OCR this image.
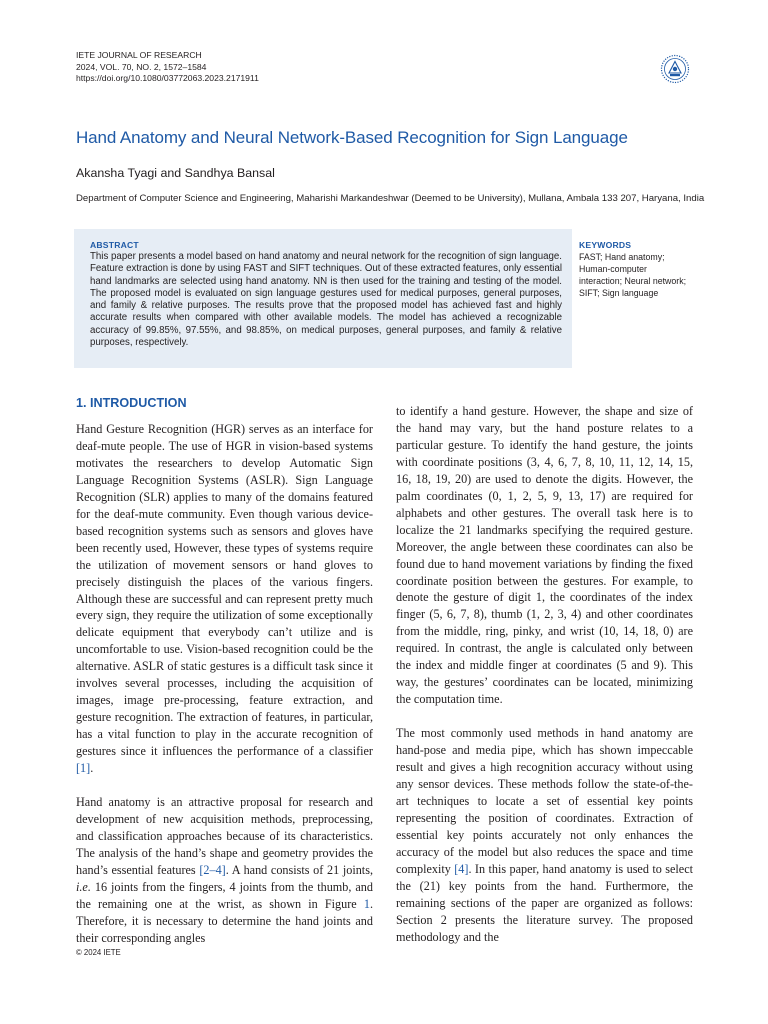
IETE JOURNAL OF RESEARCH
2024, VOL. 70, NO. 2, 1572–1584
https://doi.org/10.1080/03772063.2023.2171911
Hand Anatomy and Neural Network-Based Recognition for Sign Language
Akansha Tyagi and Sandhya Bansal
Department of Computer Science and Engineering, Maharishi Markandeshwar (Deemed to be University), Mullana, Ambala 133 207, Haryana, India
ABSTRACT
This paper presents a model based on hand anatomy and neural network for the recognition of sign language. Feature extraction is done by using FAST and SIFT techniques. Out of these extracted features, only essential hand landmarks are selected using hand anatomy. NN is then used for the training and testing of the model. The proposed model is evaluated on sign language gestures used for medical purposes, general purposes, and family & relative purposes. The results prove that the proposed model has achieved fast and highly accurate results when compared with other available models. The model has achieved a recognizable accuracy of 99.85%, 97.55%, and 98.85%, on medical purposes, general purposes, and family & relative purposes, respectively.
KEYWORDS
FAST; Hand anatomy;
Human-computer
interaction; Neural network;
SIFT; Sign language
1. INTRODUCTION

Hand Gesture Recognition (HGR) serves as an interface for deaf-mute people. The use of HGR in vision-based systems motivates the researchers to develop Automatic Sign Language Recognition Systems (ASLR). Sign Language Recognition (SLR) applies to many of the domains featured for the deaf-mute community. Even though various device-based recognition systems such as sensors and gloves have been recently used, However, these types of systems require the utilization of movement sensors or hand gloves to precisely distinguish the places of the various fingers. Although these are successful and can represent pretty much every sign, they require the utilization of some exceptionally delicate equipment that everybody can’t utilize and is uncomfortable to use. Vision-based recognition could be the alternative. ASLR of static gestures is a difficult task since it involves several processes, including the acquisition of images, image pre-processing, feature extraction, and gesture recognition. The extraction of features, in particular, has a vital function to play in the accurate recognition of gestures since it influences the performance of a classifier [1].

Hand anatomy is an attractive proposal for research and development of new acquisition methods, preprocessing, and classification approaches because of its characteristics. The analysis of the hand’s shape and geometry provides the hand’s essential features [2–4]. A hand consists of 21 joints, i.e. 16 joints from the fingers, 4 joints from the thumb, and the remaining one at the wrist, as shown in Figure 1. Therefore, it is necessary to determine the hand joints and their corresponding angles

to identify a hand gesture. However, the shape and size of the hand may vary, but the hand posture relates to a particular gesture. To identify the hand gesture, the joints with coordinate positions (3, 4, 6, 7, 8, 10, 11, 12, 14, 15, 16, 18, 19, 20) are used to denote the digits. However, the palm coordinates (0, 1, 2, 5, 9, 13, 17) are required for alphabets and other gestures. The overall task here is to localize the 21 landmarks specifying the required gesture. Moreover, the angle between these coordinates can also be found due to hand movement variations by finding the fixed coordinate position between the gestures. For example, to denote the gesture of digit 1, the coordinates of the index finger (5, 6, 7, 8), thumb (1, 2, 3, 4) and other coordinates from the middle, ring, pinky, and wrist (10, 14, 18, 0) are required. In contrast, the angle is calculated only between the index and middle finger at coordinates (5 and 9). This way, the gestures’ coordinates can be located, minimizing the computation time.

The most commonly used methods in hand anatomy are hand-pose and media pipe, which has shown impeccable result and gives a high recognition accuracy without using any sensor devices. These methods follow the state-of-the-art techniques to locate a set of essential key points representing the position of coordinates. Extraction of essential key points accurately not only enhances the accuracy of the model but also reduces the space and time complexity [4]. In this paper, hand anatomy is used to select the (21) key points from the hand. Furthermore, the remaining sections of the paper are organized as follows: Section 2 presents the literature survey. The proposed methodology and the

© 2024 IETE
